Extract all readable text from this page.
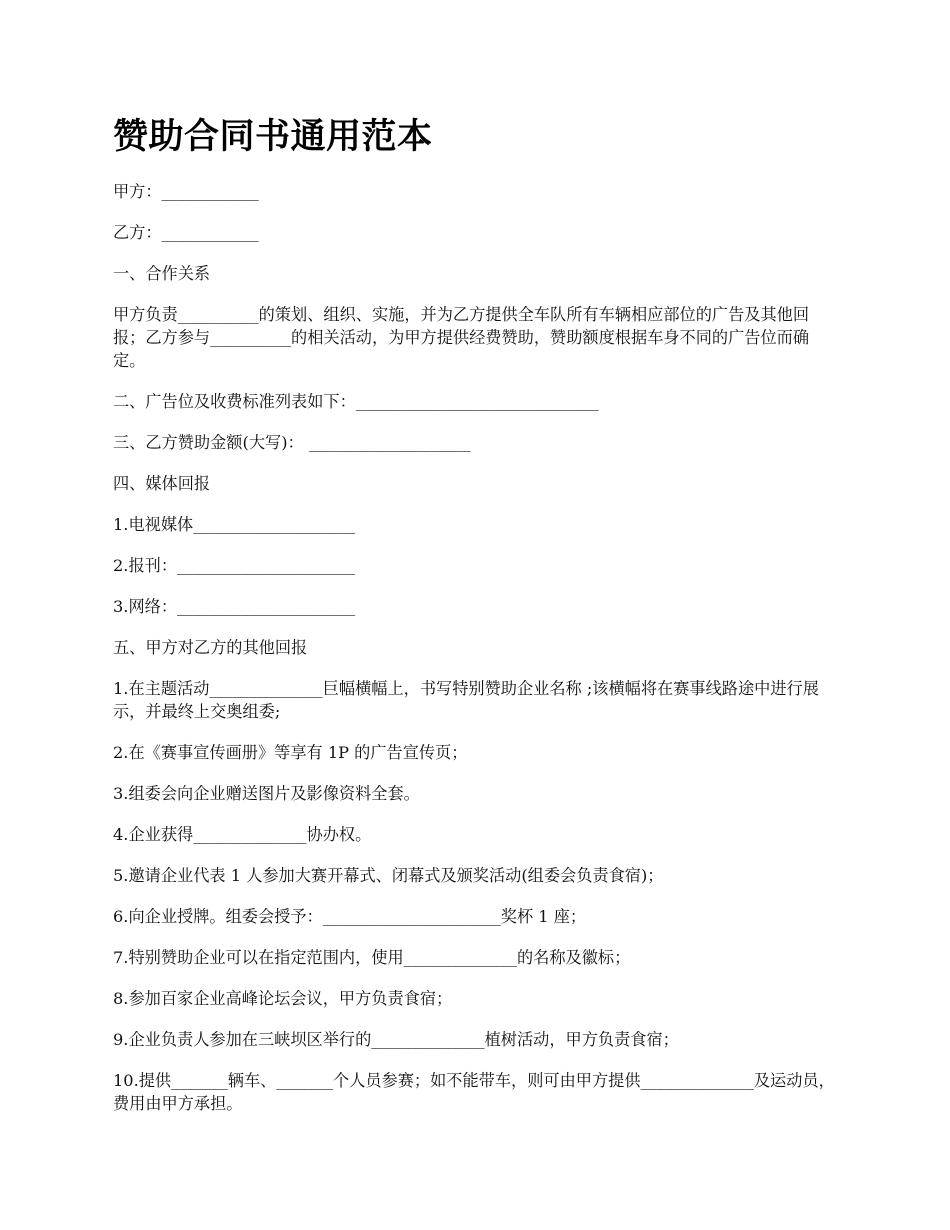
赞助合同书通用范本

甲方：____________

乙方：____________

一、合作关系

甲方负责__________的策划、组织、实施，并为乙方提供全车队所有车辆相应部位的广告及其他回报；乙方参与__________的相关活动，为甲方提供经费赞助，赞助额度根据车身不同的广告位而确定。

二、广告位及收费标准列表如下：______________________________

三、乙方赞助金额(大写)： ____________________

四、媒体回报

1.电视媒体____________________

2.报刊：______________________

3.网络：______________________

五、甲方对乙方的其他回报

1.在主题活动______________巨幅横幅上，书写特别赞助企业名称 ;该横幅将在赛事线路途中进行展示，并最终上交奥组委;

2.在《赛事宣传画册》等享有 1P 的广告宣传页；

3.组委会向企业赠送图片及影像资料全套。

4.企业获得______________协办权。

5.邀请企业代表 1 人参加大赛开幕式、闭幕式及颁奖活动(组委会负责食宿)；

6.向企业授牌。组委会授予：______________________奖杯 1 座；

7.特别赞助企业可以在指定范围内，使用______________的名称及徽标；

8.参加百家企业高峰论坛会议，甲方负责食宿；

9.企业负责人参加在三峡坝区举行的______________植树活动，甲方负责食宿；

10.提供_______辆车、_______个人员参赛；如不能带车，则可由甲方提供______________及运动员，费用由甲方承担。
